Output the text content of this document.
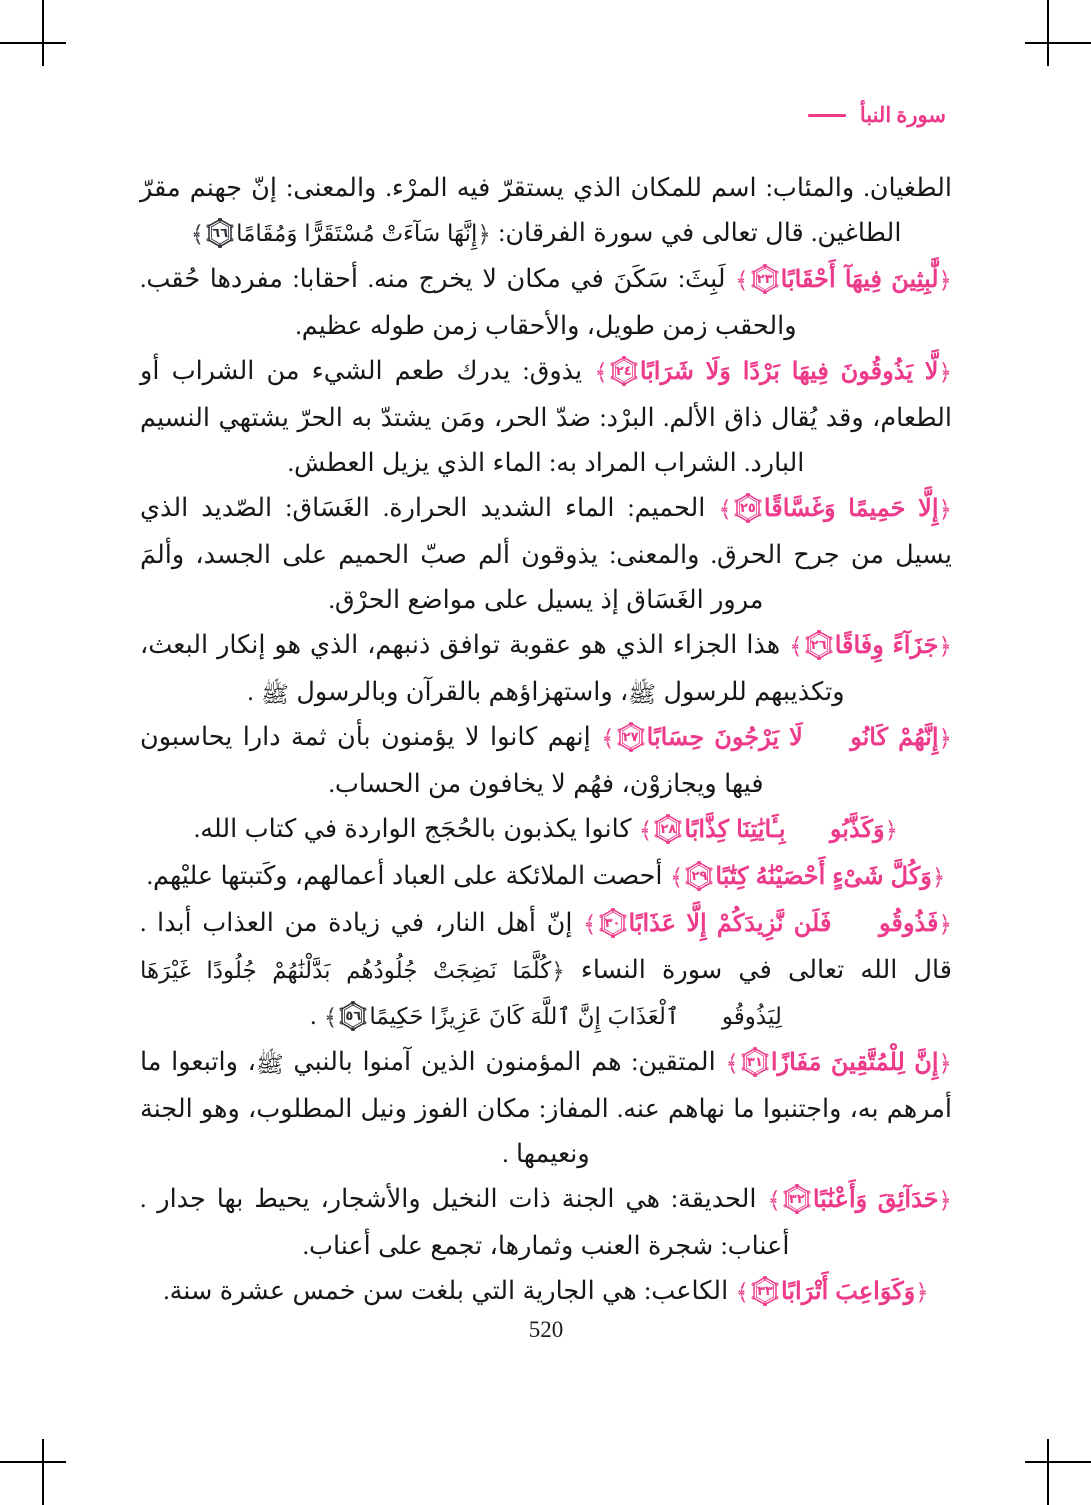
سورة النبأ

الطغيان. والمئاب: اسم للمكان الذي يستقرّ فيه المرْء. والمعنى: إنّ جهنم مقرّ الطاغين. قال تعالى في سورة الفرقان: ﴿إِنَّهَا سَآءَتْ مُسْتَقَرًّا وَمُقَامًا
٦٦
﴾

﴿لَّٰبِثِينَ فِيهَآ أَحْقَابًا
٢٣
﴾ لَبِثَ: سَكَنَ في مكان لا يخرج منه. أحقابا: مفردها حُقب. والحقب زمن طويل، والأحقاب زمن طوله عظيم.

﴿لَّا يَذُوقُونَ فِيهَا بَرْدًا وَلَا شَرَابًا
٢٤
﴾ يذوق: يدرك طعم الشيء من الشراب أو الطعام، وقد يُقال ذاق الألم. البرْد: ضدّ الحر، ومَن يشتدّ به الحرّ يشتهي النسيم البارد. الشراب المراد به: الماء الذي يزيل العطش.

﴿إِلَّا حَمِيمًا وَغَسَّاقًا
٢٥
﴾ الحميم: الماء الشديد الحرارة. الغَسَاق: الصّديد الذي يسيل من جرح الحرق. والمعنى: يذوقون ألم صبّ الحميم على الجسد، وألمَ مرور الغَسَاق إذ يسيل على مواضع الحرْق.

﴿جَزَآءً وِفَاقًا
٢٦
﴾ هذا الجزاء الذي هو عقوبة توافق ذنبهم، الذي هو إنكار البعث، وتكذيبهم للرسول ﷺ، واستهزاؤهم بالقرآن وبالرسول ﷺ .

﴿إِنَّهُمْ كَانُوا۟ لَا يَرْجُونَ حِسَابًا
٢٧
﴾ إنهم كانوا لا يؤمنون بأن ثمة دارا يحاسبون فيها ويجازوْن، فهُم لا يخافون من الحساب.

﴿وَكَذَّبُوا۟ بِـَٔايَٰتِنَا كِذَّابًا
٢٨
﴾ كانوا يكذبون بالحُجَج الواردة في كتاب الله.

﴿وَكُلَّ شَىْءٍ أَحْصَيْنَٰهُ كِتَٰبًا
٢٩
﴾ أحصت الملائكة على العباد أعمالهم، وكَتبتها عليْهم.

﴿فَذُوقُوا۟ فَلَن نَّزِيدَكُمْ إِلَّا عَذَابًا
٣٠
﴾ إنّ أهل النار، في زيادة من العذاب أبدا . قال الله تعالى في سورة النساء ﴿كُلَّمَا نَضِجَتْ جُلُودُهُم بَدَّلْنَٰهُمْ جُلُودًا غَيْرَهَا لِيَذُوقُوا۟ ٱلْعَذَابَ إِنَّ ٱللَّهَ كَانَ عَزِيزًا حَكِيمًا
٥٦
﴾ .

﴿إِنَّ لِلْمُتَّقِينَ مَفَازًا
٣١
﴾ المتقين: هم المؤمنون الذين آمنوا بالنبي ﷺ، واتبعوا ما أمرهم به، واجتنبوا ما نهاهم عنه. المفاز: مكان الفوز ونيل المطلوب، وهو الجنة ونعيمها .

﴿حَدَآئِقَ وَأَعْنَٰبًا
٣٢
﴾ الحديقة: هي الجنة ذات النخيل والأشجار، يحيط بها جدار . أعناب: شجرة العنب وثمارها، تجمع على أعناب.

﴿وَكَوَاعِبَ أَتْرَابًا
٣٣
﴾ الكاعب: هي الجارية التي بلغت سن خمس عشرة سنة.

520
